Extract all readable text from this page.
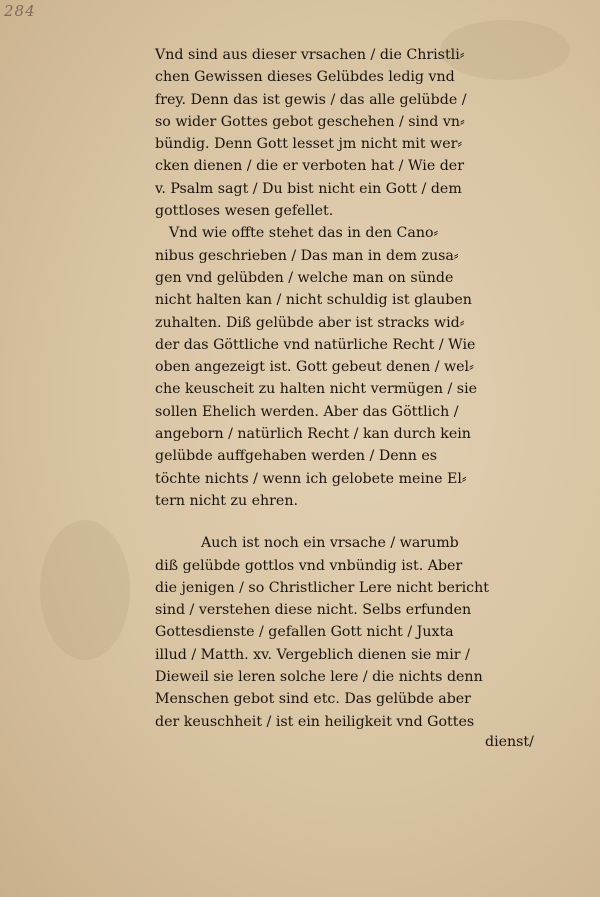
284
Vnd sind aus dieser vrsachen / die Christli⸗
chen Gewissen dieses Gelübdes ledig vnd
frey. Denn das ist gewis / das alle gelübde /
so wider Gottes gebot geschehen / sind vn⸗
bündig. Denn Gott lesset jm nicht mit wer⸗
cken dienen / die er verboten hat / Wie der
v. Psalm sagt / Du bist nicht ein Gott / dem
gottloses wesen gefellet.
Vnd wie offte stehet das in den Cano⸗
nibus geschrieben / Das man in dem zusa⸗
gen vnd gelübden / welche man on sünde
nicht halten kan / nicht schuldig ist glauben
zuhalten. Diß gelübde aber ist stracks wid⸗
der das Göttliche vnd natürliche Recht / Wie
oben angezeigt ist. Gott gebeut denen / wel⸗
che keuscheit zu halten nicht vermügen / sie
sollen Ehelich werden. Aber das Göttlich /
angeborn / natürlich Recht / kan durch kein
gelübde auffgehaben werden / Denn es
töchte nichts / wenn ich gelobete meine El⸗
tern nicht zu ehren.
Auch ist noch ein vrsache / warumb
diß gelübde gottlos vnd vnbündig ist. Aber
die jenigen / so Christlicher Lere nicht bericht
sind / verstehen diese nicht. Selbs erfunden
Gottesdienste / gefallen Gott nicht / Juxta
illud / Matth. xv. Vergeblich dienen sie mir /
Dieweil sie leren solche lere / die nichts denn
Menschen gebot sind etc. Das gelübde aber
der keuschheit / ist ein heiligkeit vnd Gottes
dienst/
